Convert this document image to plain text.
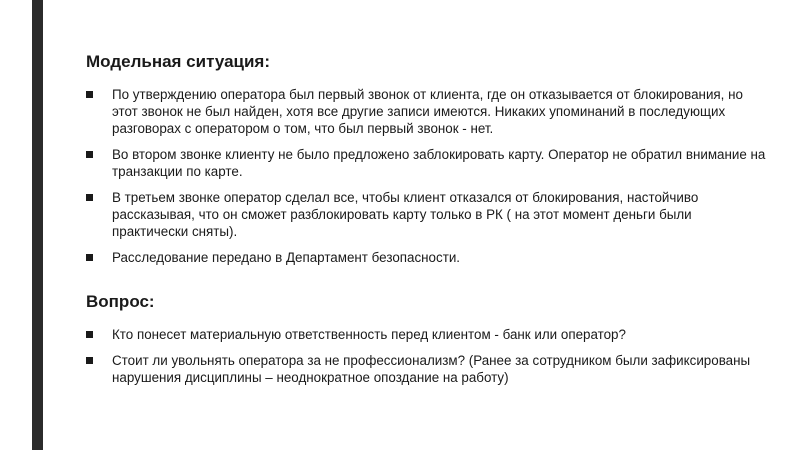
Модельная ситуация:
По утверждению оператора был первый звонок от клиента, где он отказывается от блокирования, но этот звонок не был найден, хотя все другие записи имеются. Никаких упоминаний в последующих разговорах с оператором о том, что был первый звонок - нет.
Во втором звонке клиенту не было предложено заблокировать карту. Оператор не обратил внимание на транзакции по карте.
В третьем звонке оператор сделал все, чтобы клиент отказался от блокирования, настойчиво рассказывая, что он сможет разблокировать карту только в РК ( на этот момент деньги были практически сняты).
Расследование передано в Департамент безопасности.
Вопрос:
Кто понесет материальную ответственность перед клиентом - банк или оператор?
Стоит ли увольнять оператора за не профессионализм? (Ранее за сотрудником были зафиксированы нарушения дисциплины – неоднократное опоздание на работу)
